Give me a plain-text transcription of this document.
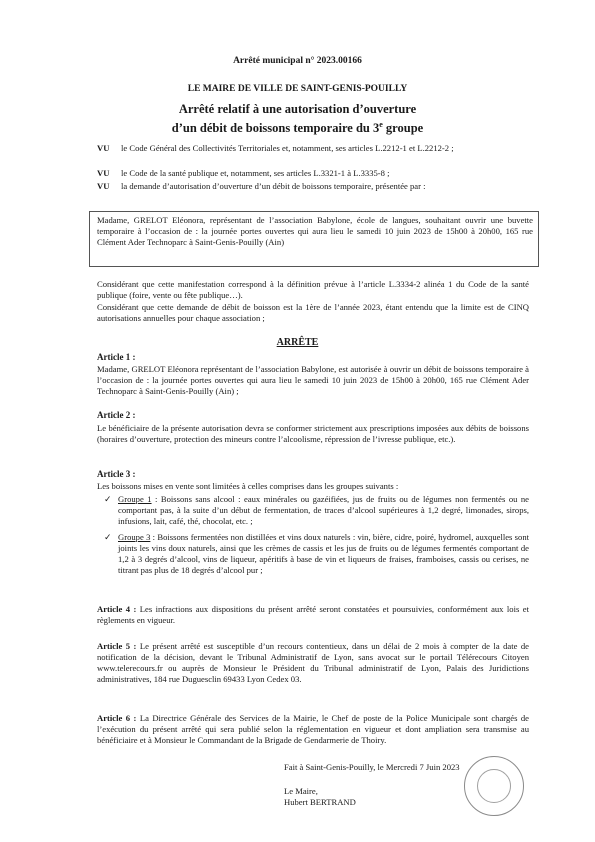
Arrêté municipal n° 2023.00166
LE MAIRE DE VILLE DE SAINT-GENIS-POUILLY
Arrêté relatif à une autorisation d’ouverture
d’un débit de boissons temporaire du 3e groupe
VU	le Code Général des Collectivités Territoriales et, notamment, ses articles L.2212-1 et L.2212-2 ;
VU	le Code de la santé publique et, notamment, ses articles L.3321-1 à L.3335-8 ;
VU	la demande d’autorisation d’ouverture d’un débit de boissons temporaire, présentée par :
Madame, GRELOT Eléonora, représentant de l’association Babylone, école de langues, souhaitant ouvrir une buvette temporaire à l’occasion de : la journée portes ouvertes qui aura lieu le samedi 10 juin 2023 de 15h00 à 20h00, 165 rue Clément Ader Technoparc à Saint-Genis-Pouilly (Ain)
Considérant que cette manifestation correspond à la définition prévue à l’article L.3334-2 alinéa 1 du Code de la santé publique (foire, vente ou fête publique…).
Considérant que cette demande de débit de boisson est la 1ère de l’année 2023, étant entendu que la limite est de CINQ autorisations annuelles pour chaque association ;
ARRÊTE
Article 1 :
Madame, GRELOT Eléonora représentant de l’association Babylone, est autorisée à ouvrir un débit de boissons temporaire à l’occasion de : la journée portes ouvertes qui aura lieu le samedi 10 juin 2023 de 15h00 à 20h00, 165 rue Clément Ader Technoparc à Saint-Genis-Pouilly (Ain) ;
Article 2 :
Le bénéficiaire de la présente autorisation devra se conformer strictement aux prescriptions imposées aux débits de boissons (horaires d’ouverture, protection des mineurs contre l’alcoolisme, répression de l’ivresse publique, etc.).
Article 3 :
Les boissons mises en vente sont limitées à celles comprises dans les groupes suivants :
✓ Groupe 1 : Boissons sans alcool : eaux minérales ou gazéifiées, jus de fruits ou de légumes non fermentés ou ne comportant pas, à la suite d’un début de fermentation, de traces d’alcool supérieures à 1,2 degré, limonades, sirops, infusions, lait, café, thé, chocolat, etc. ;
✓ Groupe 3 : Boissons fermentées non distillées et vins doux naturels : vin, bière, cidre, poiré, hydromel, auxquelles sont joints les vins doux naturels, ainsi que les crèmes de cassis et les jus de fruits ou de légumes fermentés comportant de 1,2 à 3 degrés d’alcool, vins de liqueur, apéritifs à base de vin et liqueurs de fraises, framboises, cassis ou cerises, ne titrant pas plus de 18 degrés d’alcool pur ;
Article 4 : Les infractions aux dispositions du présent arrêté seront constatées et poursuivies, conformément aux lois et règlements en vigueur.
Article 5 : Le présent arrêté est susceptible d’un recours contentieux, dans un délai de 2 mois à compter de la date de notification de la décision, devant le Tribunal Administratif de Lyon, sans avocat sur le portail Télérecours Citoyen www.telerecours.fr ou auprès de Monsieur le Président du Tribunal administratif de Lyon, Palais des Juridictions administratives, 184 rue Duguesclin 69433 Lyon Cedex 03.
Article 6 : La Directrice Générale des Services de la Mairie, le Chef de poste de la Police Municipale sont chargés de l’exécution du présent arrêté qui sera publié selon la réglementation en vigueur et dont ampliation sera transmise au bénéficiaire et à Monsieur le Commandant de la Brigade de Gendarmerie de Thoiry.
Fait à Saint-Genis-Pouilly, le Mercredi 7 Juin 2023
Le Maire,
Hubert BERTRAND
